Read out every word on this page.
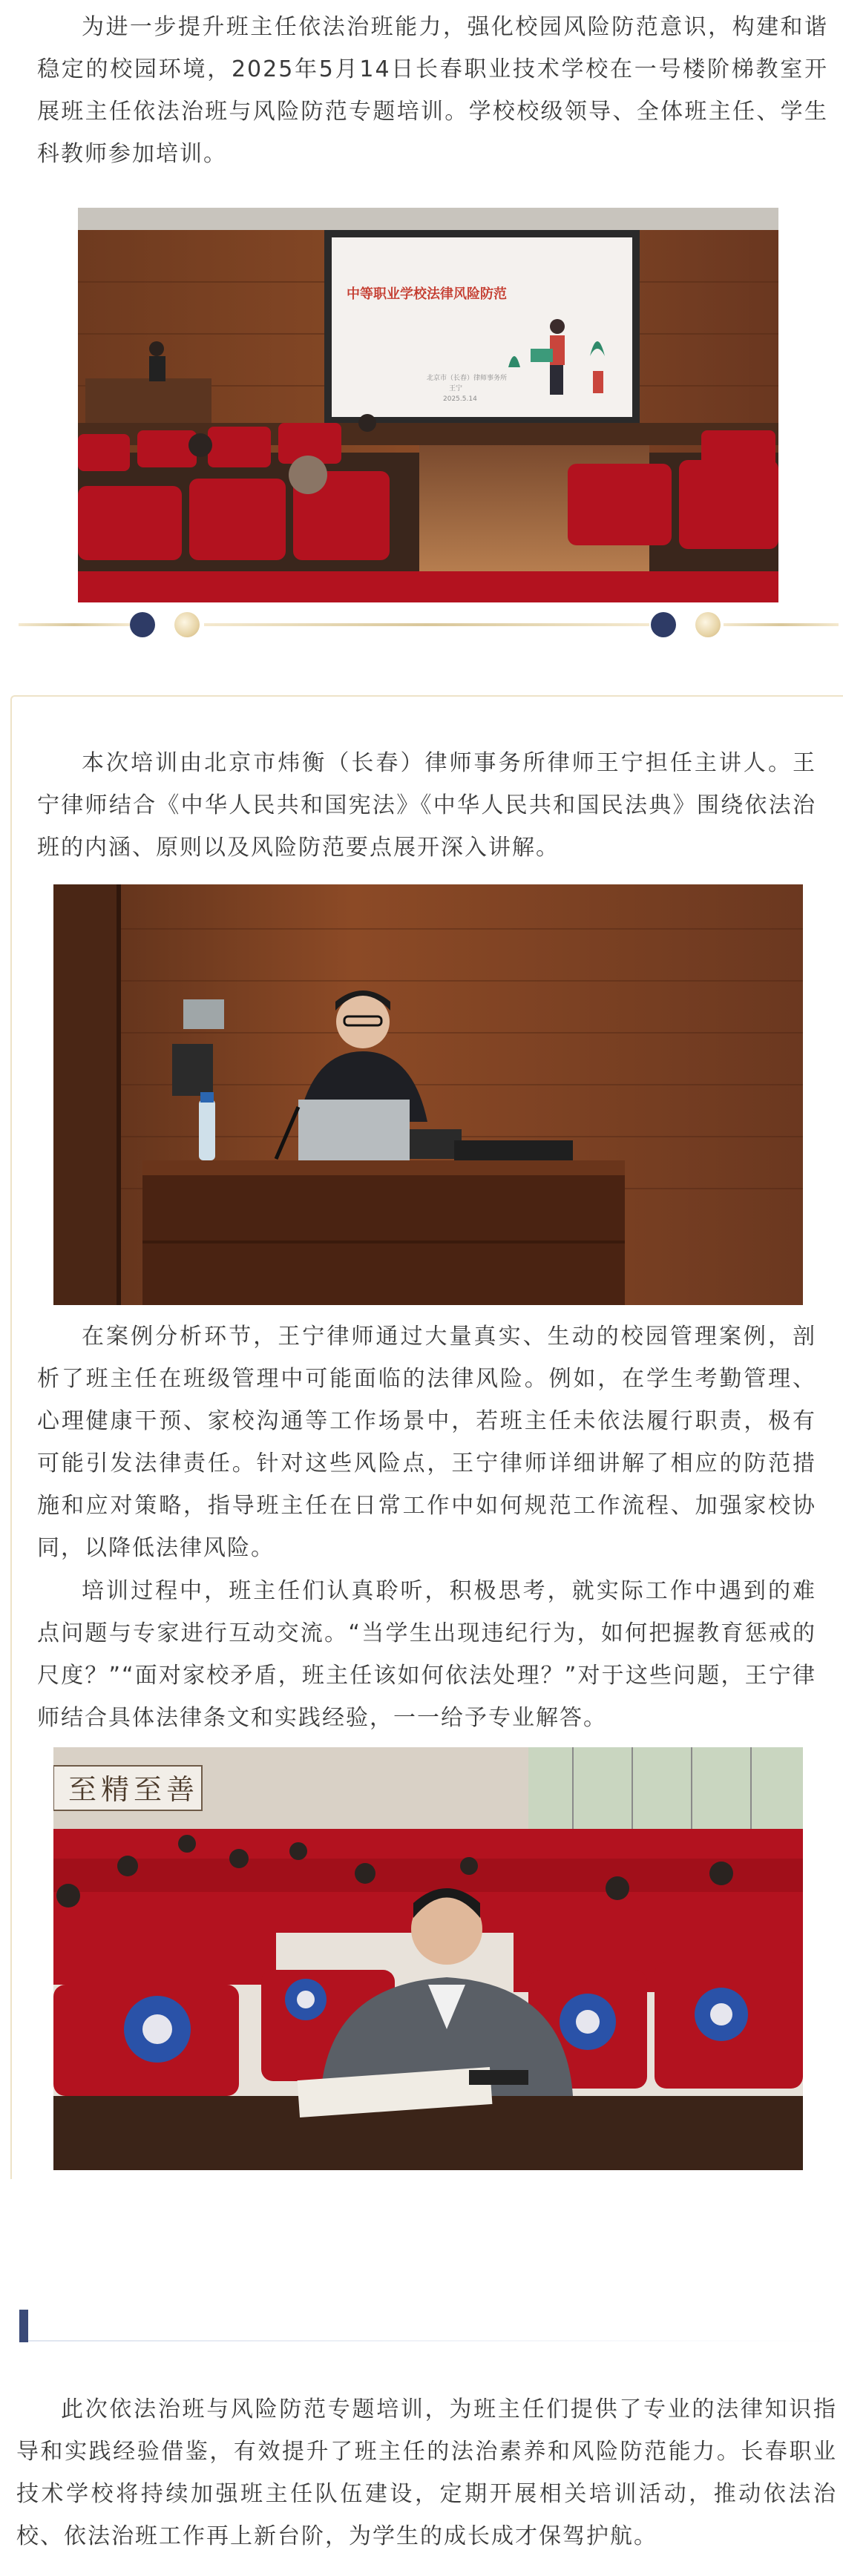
为进一步提升班主任依法治班能力，强化校园风险防范意识，构建和谐稳定的校园环境，2025年5月14日长春职业技术学校在一号楼阶梯教室开展班主任依法治班与风险防范专题培训。学校校级领导、全体班主任、学生科教师参加培训。

中等职业学校法律风险防范
北京市（长春）律师事务所
王宁
2025.5.14

本次培训由北京市炜衡（长春）律师事务所律师王宁担任主讲人。王宁律师结合《中华人民共和国宪法》《中华人民共和国民法典》围绕依法治班的内涵、原则以及风险防范要点展开深入讲解。

在案例分析环节，王宁律师通过大量真实、生动的校园管理案例，剖析了班主任在班级管理中可能面临的法律风险。例如，在学生考勤管理、心理健康干预、家校沟通等工作场景中，若班主任未依法履行职责，极有可能引发法律责任。针对这些风险点，王宁律师详细讲解了相应的防范措施和应对策略，指导班主任在日常工作中如何规范工作流程、加强家校协同，以降低法律风险。

培训过程中，班主任们认真聆听，积极思考，就实际工作中遇到的难点问题与专家进行互动交流。“当学生出现违纪行为，如何把握教育惩戒的尺度？”“面对家校矛盾，班主任该如何依法处理？”对于这些问题，王宁律师结合具体法律条文和实践经验，一一给予专业解答。

至精至善

此次依法治班与风险防范专题培训，为班主任们提供了专业的法律知识指导和实践经验借鉴，有效提升了班主任的法治素养和风险防范能力。长春职业技术学校将持续加强班主任队伍建设，定期开展相关培训活动，推动依法治校、依法治班工作再上新台阶，为学生的成长成才保驾护航。
